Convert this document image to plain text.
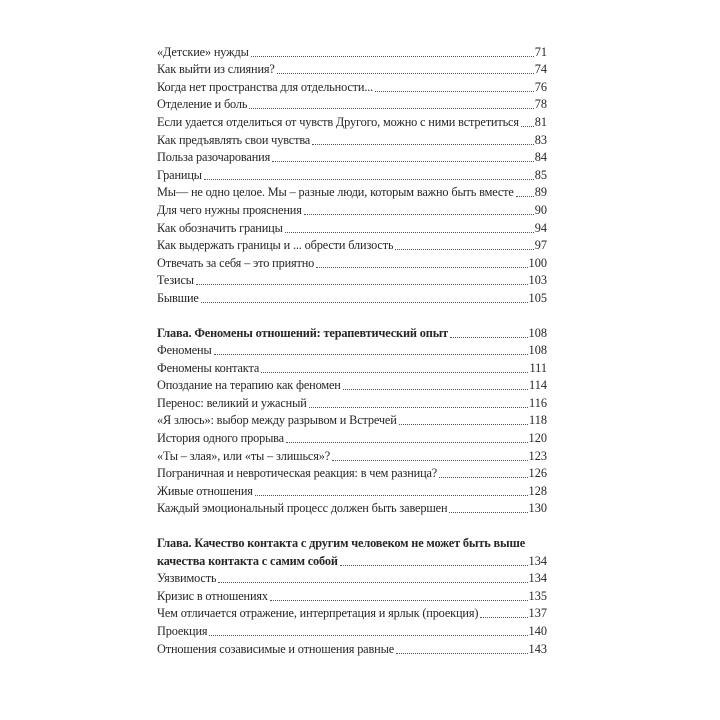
«Детские» нужды	71
Как выйти из слияния?	74
Когда нет пространства для отдельности...	76
Отделение и боль	78
Если удается отделиться от чувств Другого, можно с ними встретиться 81
Как предъявлять свои чувства	83
Польза разочарования	84
Границы	85
Мы— не одно целое. Мы – разные люди, которым важно быть вместе 89
Для чего нужны прояснения	90
Как обозначить границы	94
Как выдержать границы и ... обрести близость	97
Отвечать за себя – это приятно	100
Тезисы	103
Бывшие	105
Глава. Феномены отношений: терапевтический опыт	108
Феномены	108
Феномены контакта	111
Опоздание на терапию как феномен	114
Перенос: великий и ужасный	116
«Я злюсь»: выбор между разрывом и Встречей	118
История одного прорыва	120
«Ты – злая», или «ты – злишься»?	123
Пограничная и невротическая реакция: в чем разница?	126
Живые отношения	128
Каждый эмоциональный процесс должен быть завершен	130
Глава. Качество контакта с другим человеком не может быть выше
качества контакта с самим собой	134
Уязвимость	134
Кризис в отношениях	135
Чем отличается отражение, интерпретация и ярлык (проекция)	137
Проекция	140
Отношения созависимые и отношения равные	143
